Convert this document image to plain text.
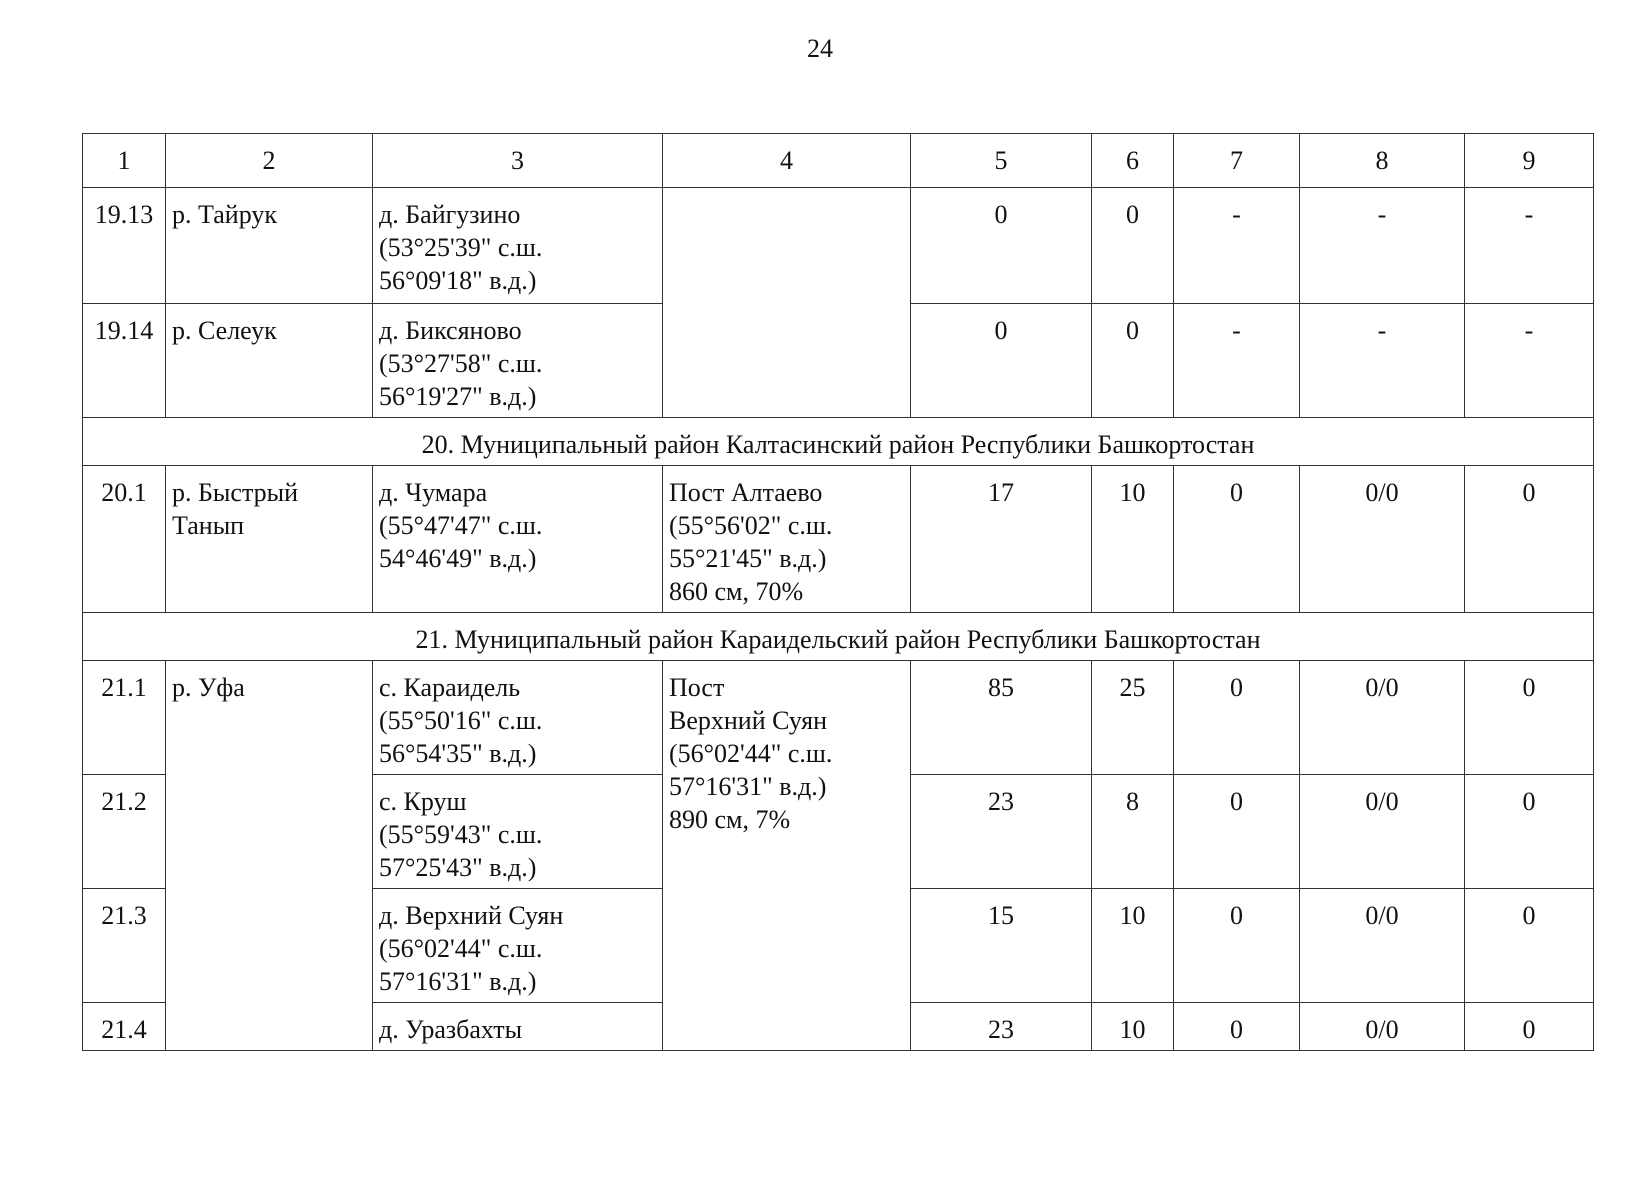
24
1	2	3	4	5	6	7	8	9
19.13	р. Тайрук	д. Байгузино
(53°25'39" с.ш.
56°09'18" в.д.)		0	0	-	-	-
19.14	р. Селеук	д. Биксяново
(53°27'58" с.ш.
56°19'27" в.д.)		0	0	-	-	-
20. Муниципальный район Калтасинский район Республики Башкортостан								
20.1	р. Быстрый
Танып	д. Чумара
(55°47'47" с.ш.
54°46'49" в.д.)	Пост Алтаево
(55°56'02" с.ш.
55°21'45" в.д.)
860 см, 70%	17	10	0	0/0	0
21. Муниципальный район Караидельский район Республики Башкортостан								
21.1	р. Уфа	с. Караидель
(55°50'16" с.ш.
56°54'35" в.д.)	Пост
Верхний Суян
(56°02'44" с.ш.
57°16'31" в.д.)
890 см, 7%	85	25	0	0/0	0
21.2		с. Круш
(55°59'43" с.ш.
57°25'43" в.д.)		23	8	0	0/0	0
21.3		д. Верхний Суян
(56°02'44" с.ш.
57°16'31" в.д.)		15	10	0	0/0	0
21.4		д. Уразбахты		23	10	0	0/0	0
